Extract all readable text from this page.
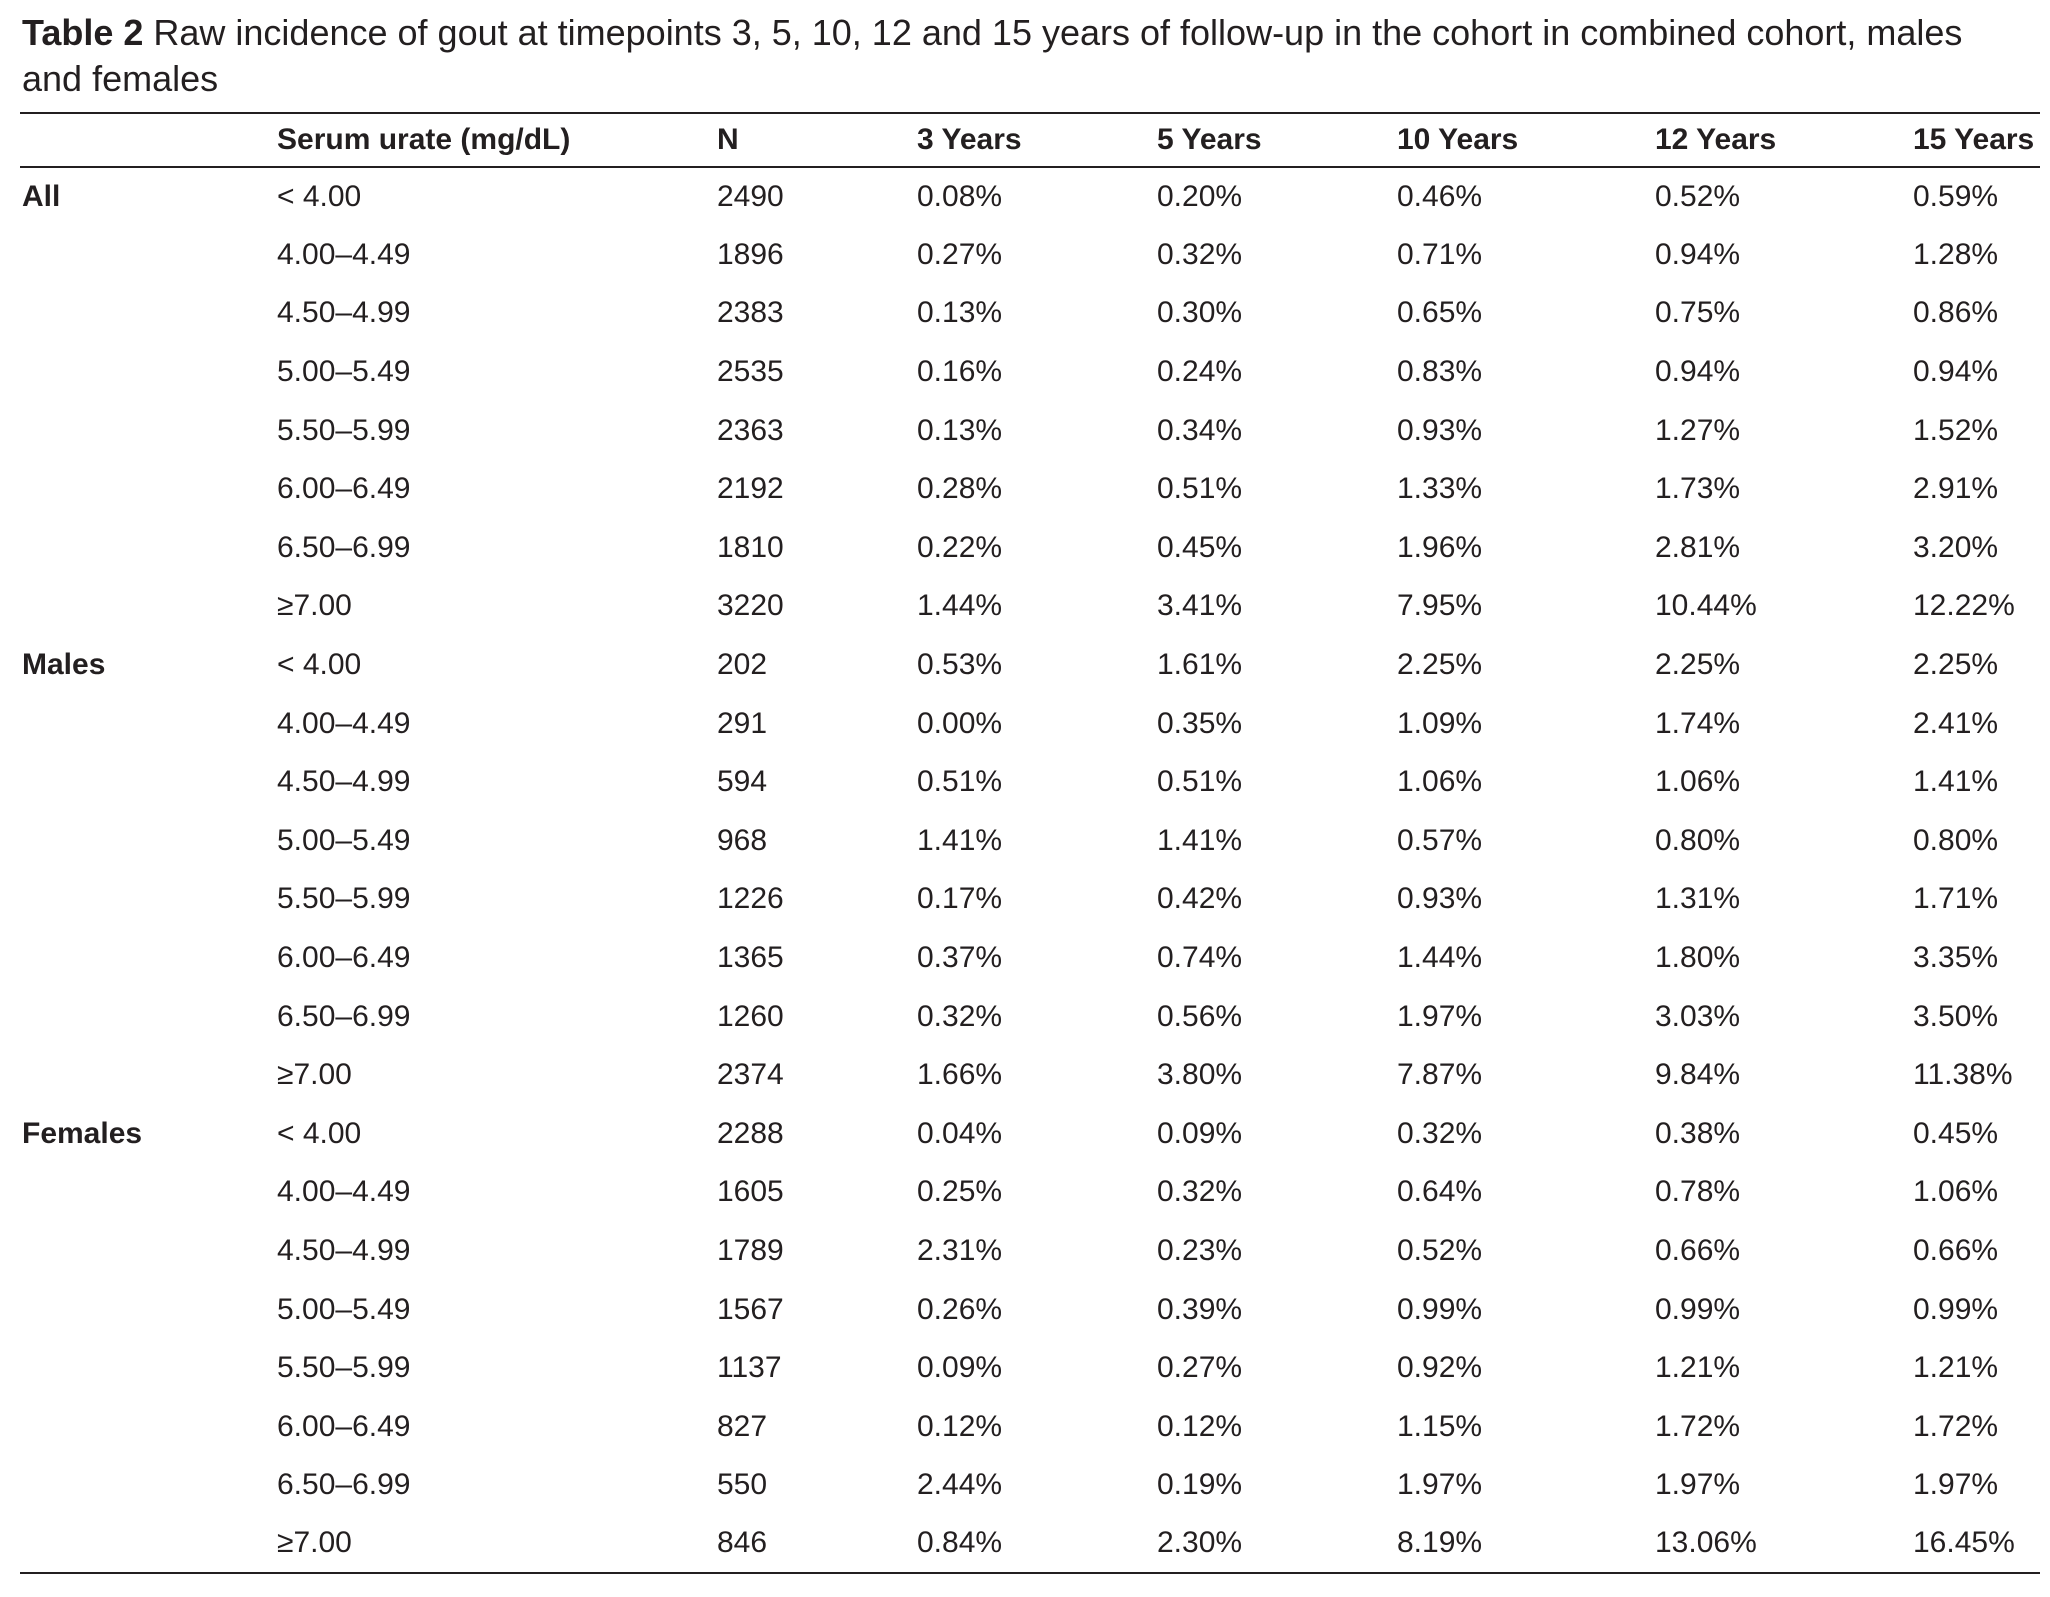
Table 2 Raw incidence of gout at timepoints 3, 5, 10, 12 and 15 years of follow-up in the cohort in combined cohort, males and females
	Serum urate (mg/dL)	N	3 Years	5 Years	10 Years	12 Years	15 Years
All	< 4.00	2490	0.08%	0.20%	0.46%	0.52%	0.59%
	4.00–4.49	1896	0.27%	0.32%	0.71%	0.94%	1.28%
	4.50–4.99	2383	0.13%	0.30%	0.65%	0.75%	0.86%
	5.00–5.49	2535	0.16%	0.24%	0.83%	0.94%	0.94%
	5.50–5.99	2363	0.13%	0.34%	0.93%	1.27%	1.52%
	6.00–6.49	2192	0.28%	0.51%	1.33%	1.73%	2.91%
	6.50–6.99	1810	0.22%	0.45%	1.96%	2.81%	3.20%
	≥7.00	3220	1.44%	3.41%	7.95%	10.44%	12.22%
Males	< 4.00	202	0.53%	1.61%	2.25%	2.25%	2.25%
	4.00–4.49	291	0.00%	0.35%	1.09%	1.74%	2.41%
	4.50–4.99	594	0.51%	0.51%	1.06%	1.06%	1.41%
	5.00–5.49	968	1.41%	1.41%	0.57%	0.80%	0.80%
	5.50–5.99	1226	0.17%	0.42%	0.93%	1.31%	1.71%
	6.00–6.49	1365	0.37%	0.74%	1.44%	1.80%	3.35%
	6.50–6.99	1260	0.32%	0.56%	1.97%	3.03%	3.50%
	≥7.00	2374	1.66%	3.80%	7.87%	9.84%	11.38%
Females	< 4.00	2288	0.04%	0.09%	0.32%	0.38%	0.45%
	4.00–4.49	1605	0.25%	0.32%	0.64%	0.78%	1.06%
	4.50–4.99	1789	2.31%	0.23%	0.52%	0.66%	0.66%
	5.00–5.49	1567	0.26%	0.39%	0.99%	0.99%	0.99%
	5.50–5.99	1137	0.09%	0.27%	0.92%	1.21%	1.21%
	6.00–6.49	827	0.12%	0.12%	1.15%	1.72%	1.72%
	6.50–6.99	550	2.44%	0.19%	1.97%	1.97%	1.97%
	≥7.00	846	0.84%	2.30%	8.19%	13.06%	16.45%
